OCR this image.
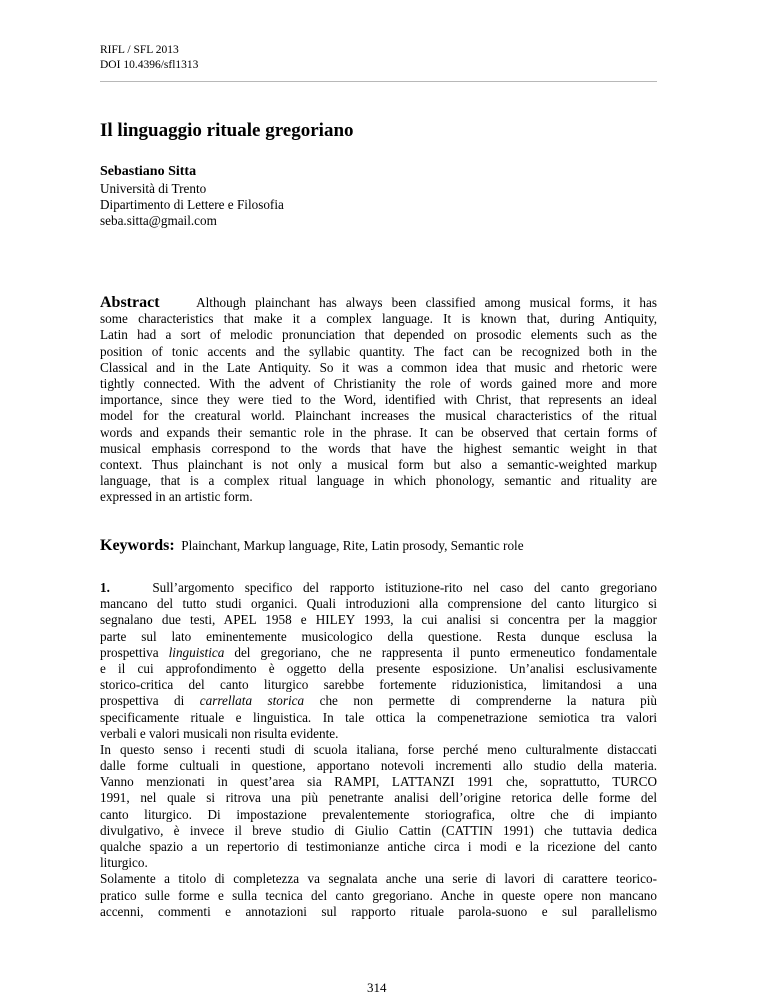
RIFL / SFL 2013
DOI 10.4396/sfl1313
Il linguaggio rituale gregoriano
Sebastiano Sitta
Università di Trento
Dipartimento di Lettere e Filosofia
seba.sitta@gmail.com
Abstract	Although plainchant has always been classified among musical forms, it has
some characteristics that make it a complex language. It is known that, during Antiquity,
Latin had a sort of melodic pronunciation that depended on prosodic elements such as the
position of tonic accents and the syllabic quantity. The fact can be recognized both in the
Classical and in the Late Antiquity. So it was a common idea that music and rhetoric were
tightly connected. With the advent of Christianity the role of words gained more and more
importance, since they were tied to the Word, identified with Christ, that represents an ideal
model for the creatural world. Plainchant increases the musical characteristics of the ritual
words and expands their semantic role in the phrase. It can be observed that certain forms of
musical emphasis correspond to the words that have the highest semantic weight in that
context. Thus plainchant is not only a musical form but also a semantic-weighted markup
language, that is a complex ritual language in which phonology, semantic and rituality are
expressed in an artistic form.
Keywords: Plainchant, Markup language, Rite, Latin prosody, Semantic role
1.	Sull’argomento specifico del rapporto istituzione-rito nel caso del canto gregoriano
mancano del tutto studi organici. Quali introduzioni alla comprensione del canto liturgico si
segnalano due testi, APEL 1958 e HILEY 1993, la cui analisi si concentra per la maggior
parte sul lato eminentemente musicologico della questione. Resta dunque esclusa la
prospettiva linguistica del gregoriano, che ne rappresenta il punto ermeneutico fondamentale
e il cui approfondimento è oggetto della presente esposizione. Un’analisi esclusivamente
storico-critica del canto liturgico sarebbe fortemente riduzionistica, limitandosi a una
prospettiva di carrellata storica che non permette di comprenderne la natura più
specificamente rituale e linguistica. In tale ottica la compenetrazione semiotica tra valori
verbali e valori musicali non risulta evidente.
In questo senso i recenti studi di scuola italiana, forse perché meno culturalmente distaccati
dalle forme cultuali in questione, apportano notevoli incrementi allo studio della materia.
Vanno menzionati in quest’area sia RAMPI, LATTANZI 1991 che, soprattutto, TURCO
1991, nel quale si ritrova una più penetrante analisi dell’origine retorica delle forme del
canto liturgico. Di impostazione prevalentemente storiografica, oltre che di impianto
divulgativo, è invece il breve studio di Giulio Cattin (CATTIN 1991) che tuttavia dedica
qualche spazio a un repertorio di testimonianze antiche circa i modi e la ricezione del canto
liturgico.
Solamente a titolo di completezza va segnalata anche una serie di lavori di carattere teorico-
pratico sulle forme e sulla tecnica del canto gregoriano. Anche in queste opere non mancano
accenni, commenti e annotazioni sul rapporto rituale parola-suono e sul parallelismo
314
